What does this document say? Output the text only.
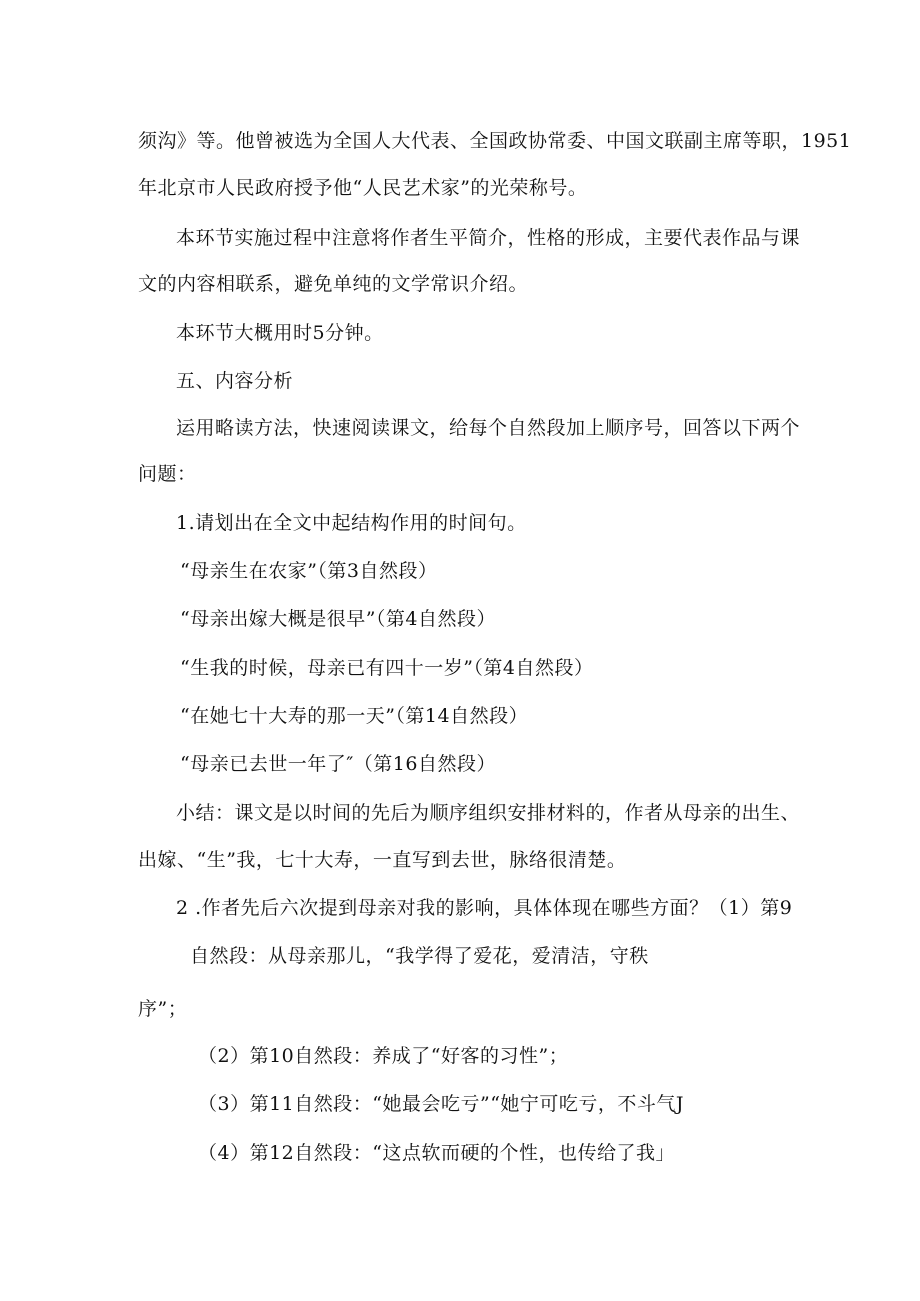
须沟》等。他曾被选为全国人大代表、全国政协常委、中国文联副主席等职，1951
年北京市人民政府授予他“人民艺术家”的光荣称号。
本环节实施过程中注意将作者生平简介，性格的形成，主要代表作品与课
文的内容相联系，避免单纯的文学常识介绍。
本环节大概用时5分钟。
五、内容分析
运用略读方法，快速阅读课文，给每个自然段加上顺序号，回答以下两个
问题：
1.请划出在全文中起结构作用的时间句。
“母亲生在农家”（第3自然段）
“母亲出嫁大概是很早”（第4自然段）
“生我的时候，母亲已有四十一岁”（第4自然段）
“在她七十大寿的那一天”（第14自然段）
“母亲已去世一年了″（第16自然段）
小结：课文是以时间的先后为顺序组织安排材料的，作者从母亲的出生、
出嫁、“生”我，七十大寿，一直写到去世，脉络很清楚。
2 .作者先后六次提到母亲对我的影响，具体体现在哪些方面？（1）第9
自然段：从母亲那儿，“我学得了爱花，爱清洁，守秩
序”；
（2）第10自然段：养成了“好客的习性”；
（3）第11自然段：“她最会吃亏”“她宁可吃亏，不斗气J
（4）第12自然段：“这点软而硬的个性，也传给了我」
